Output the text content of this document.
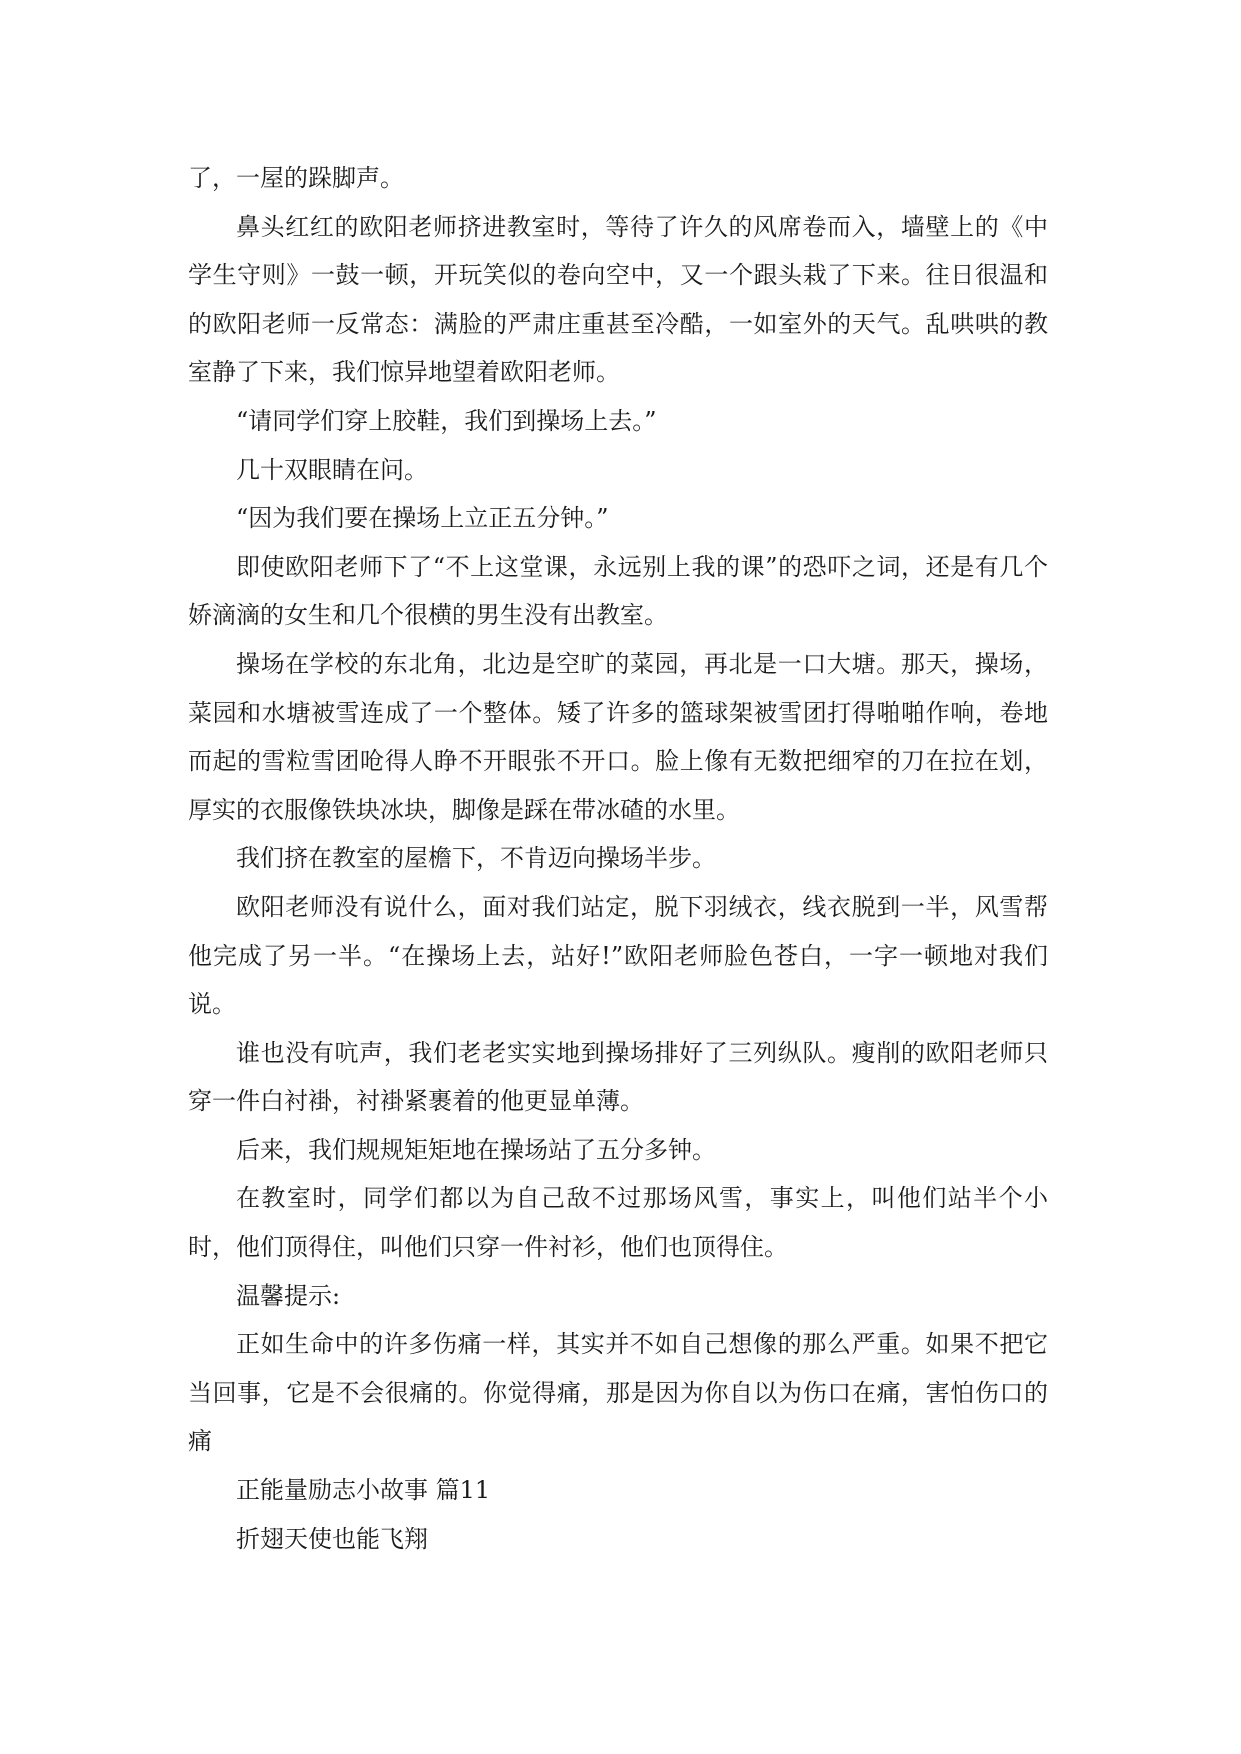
了，一屋的跺脚声。

鼻头红红的欧阳老师挤进教室时，等待了许久的风席卷而入，墙壁上的《中学生守则》一鼓一顿，开玩笑似的卷向空中，又一个跟头栽了下来。往日很温和的欧阳老师一反常态：满脸的严肃庄重甚至冷酷，一如室外的天气。乱哄哄的教室静了下来，我们惊异地望着欧阳老师。

“请同学们穿上胶鞋，我们到操场上去。”

几十双眼睛在问。

“因为我们要在操场上立正五分钟。”

即使欧阳老师下了“不上这堂课，永远别上我的课”的恐吓之词，还是有几个娇滴滴的女生和几个很横的男生没有出教室。

操场在学校的东北角，北边是空旷的菜园，再北是一口大塘。那天，操场，菜园和水塘被雪连成了一个整体。矮了许多的篮球架被雪团打得啪啪作响，卷地而起的雪粒雪团呛得人睁不开眼张不开口。脸上像有无数把细窄的刀在拉在划，厚实的衣服像铁块冰块，脚像是踩在带冰碴的水里。

我们挤在教室的屋檐下，不肯迈向操场半步。

欧阳老师没有说什么，面对我们站定，脱下羽绒衣，线衣脱到一半，风雪帮他完成了另一半。“在操场上去，站好!”欧阳老师脸色苍白，一字一顿地对我们说。

谁也没有吭声，我们老老实实地到操场排好了三列纵队。瘦削的欧阳老师只穿一件白衬褂，衬褂紧裹着的他更显单薄。

后来，我们规规矩矩地在操场站了五分多钟。

在教室时，同学们都以为自己敌不过那场风雪，事实上，叫他们站半个小时，他们顶得住，叫他们只穿一件衬衫，他们也顶得住。

温馨提示:

正如生命中的许多伤痛一样，其实并不如自己想像的那么严重。如果不把它当回事，它是不会很痛的。你觉得痛，那是因为你自以为伤口在痛，害怕伤口的痛

正能量励志小故事 篇11

折翅天使也能飞翔
